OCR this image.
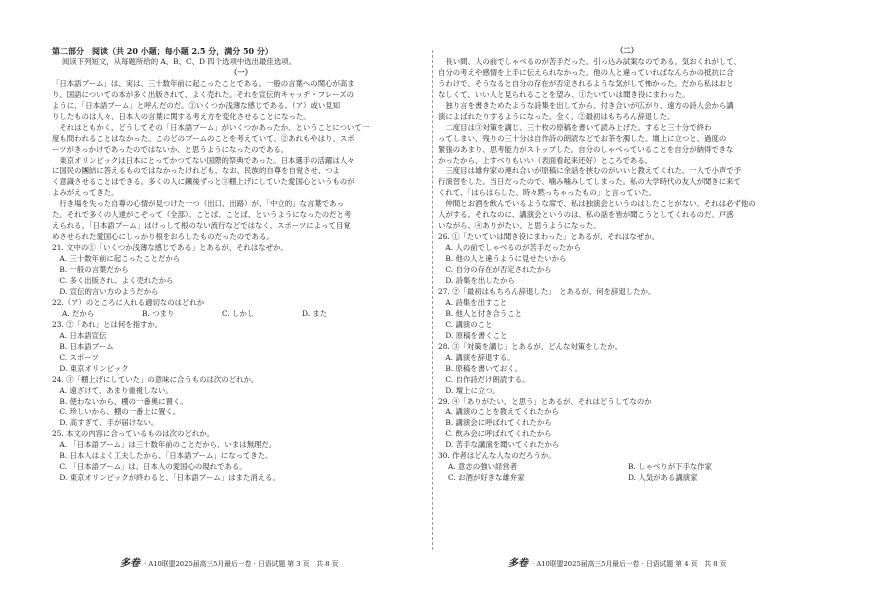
第二部分　阅读（共 20 小题；每小题 2.5 分，满分 50 分）
阅读下列短文，从每题所给的 A、B、C、D 四个选项中选出最佳选项。
（一）
「日本語ブーム」は、実は、三十数年前に起こったことである。一般の言葉への関心が高ま
り、国語についての本が多く出版されて、よく売れた。それを宣伝的キャッチ・フレーズの
ように、「日本語ブーム」と呼んだのだ。①いくつか浅薄な感じである。（ア）或い見知
りしたものは人々、日本人の言葉に関する考え方を変化させることになった。
　それはともかく、どうしてその「日本語ブーム」がいくつかあったか、ということについて一
度も問われることはなかった。このどのブームのことを考えていて、②あれもやはり、スポ
ーツがきっかけであったのではないか、と思うようになったのである。
　東京オリンピックは日本にとってかつてない国際的祭典であった。日本選手の活躍は人々
に国民の團結に答えるものではなかったけれども、なお、民族的自尊を自覚させ、つよ
く意識させることはできる。多くの人に鐵後ずっと③棚上げにしていた愛国心というものが
よみがえってきた。
　行き場を失った自尊の心情が見つけた一つ（出口、出路）が、「中立的」な言葉であっ
た。それで多くの人達がこぞって（全部）、ことば、ことば、というようになったのだと考
えられる。「日本語ブーム」はけっして根のない流行などではなく、スポーツによって目覚
めさせられた愛国心にしっかり根をおろしたものだったのである。
21. 文中の①「いくつか浅薄な感じである」とあるが、それはなぜか。
　A. 三十数年前に起こったことだから
　B. 一般の言葉だから
　C. 多く出版され、よく売れたから
　D. 宣伝的言い方のようだから
22.（ア）のところに入れる適切なのはどれか
A. だから	B. つまり	C. しかし	D. また
23. ②「あれ」とは何を指すか。
　A. 日本語宣伝
　B. 日本語ブーム
　C. スポーツ
　D. 東京オリンピック
24. ③「棚上げにしていた」の意味に合うものは次のどれか。
　A. 遠ざけて、あまり重視しない。
　B. 使わないから、棚の一番奥に置く。
　C. 珍しいから、棚の一番上に置く。
　D. 高すぎて、手が届けない。
25. 本文の内容に合っているものは次のどれか。
　A. 「日本語ブーム」は三十数年前のことだから、いまは無理だ。
　B. 日本人はよく工夫したから、「日本語ブーム」になってきた。
　C. 「日本語ブーム」は、日本人の愛国心の現れである。
　D. 東京オリンピックが終わると、「日本語ブーム」はまた消える。
（二）
　長い間、人の前でしゃべるのが苦手だった。引っ込み試案なのである。気おくれがして、
自分の考えや感情を上手に伝えられなかった。他の人と違っていればなんらかの抵抗に合
うわけで、そうなると自分の存在が否定されるような気がして怖かった。だから私はおと
なしくて、いい人と見られることを望み、①たいていは聞き役にまわった。
　独り言を書きためたような詩集を出してから、付き合いが広がり、遠方の詩人会から講
演によばれたりするようになった。全く、②最初はもちろん辞退した。
　二度目は③対策を講じ、三十枚の原稿を書いて読み上げた。すると三十分で終わ
ってしまい、残りの三十分は自作詩の朗読などでお茶を濁した。壇上に立つと、過度の
緊張のあまり、思考能力がストップした。自分のしゃべっていることを自分が納得できな
かったから、上すべりもいい（表面看起来还好）ところである。
　三度目は雄弁家の連れ合いが原稿に余話を挟むのがいいと教えてくれた。一人で小声で予
行演習をした。当日だったので、噛み噛みしてしまった。私の大学時代の友人が聞きに来て
くれて、「はらはらした、時々黙っちゃったもの」と言っていた。
　仲間とお酒を飲んでいるような席で、私は独演会というのはしたことがない。それは必ず他の
人がする。それなのに、講演会というのは、私の話を皆が聞こうとしてくれるのだ。戸惑
いながら、④ありがたい、と思うようになった。
26. ①「たいていは聞き役にまわった」とあるが、それはなぜか。
　A. 人の前でしゃべるのが苦手だったから
　B. 他の人と違うように見せたいから
　C. 自分の存在が否定されたから
　D. 詩集を出したから
27. ②「最初はもちろん辞退した」　とあるが、何を辞退したか。
　A. 詩集を出すこと
　B. 他人と付き合うこと
　C. 講演のこと
　D. 原稿を書くこと
28. ③「対策を講じ」とあるが、どんな対策をしたか。
　A. 講演を辞退する。
　B. 原稿を書いておく。
　C. 自作詩だけ朗読する。
　D. 壇上に立つ。
29. ④「ありがたい、と思う」とあるが、それはどうしてなのか
　A. 講演のことを教えてくれたから
　B. 講演会に呼ばれてくれたから
　C. 飲み会に呼ばれてくれたから
　D. 苦手な講演を聞いてくれたから
30. 作者はどんな人なのだろうか。
A. 意志の強い経営者	B. しゃべりが下手な作家
C. お酒が好きな雄弁家	D. 人気がある講演家
多卷 · A10联盟2025届高三5月最后一卷 · 日语试题 第 3 页　共 8 页	多卷 · A10联盟2025届高三5月最后一卷 · 日语试题 第 4 页　共 8 页
